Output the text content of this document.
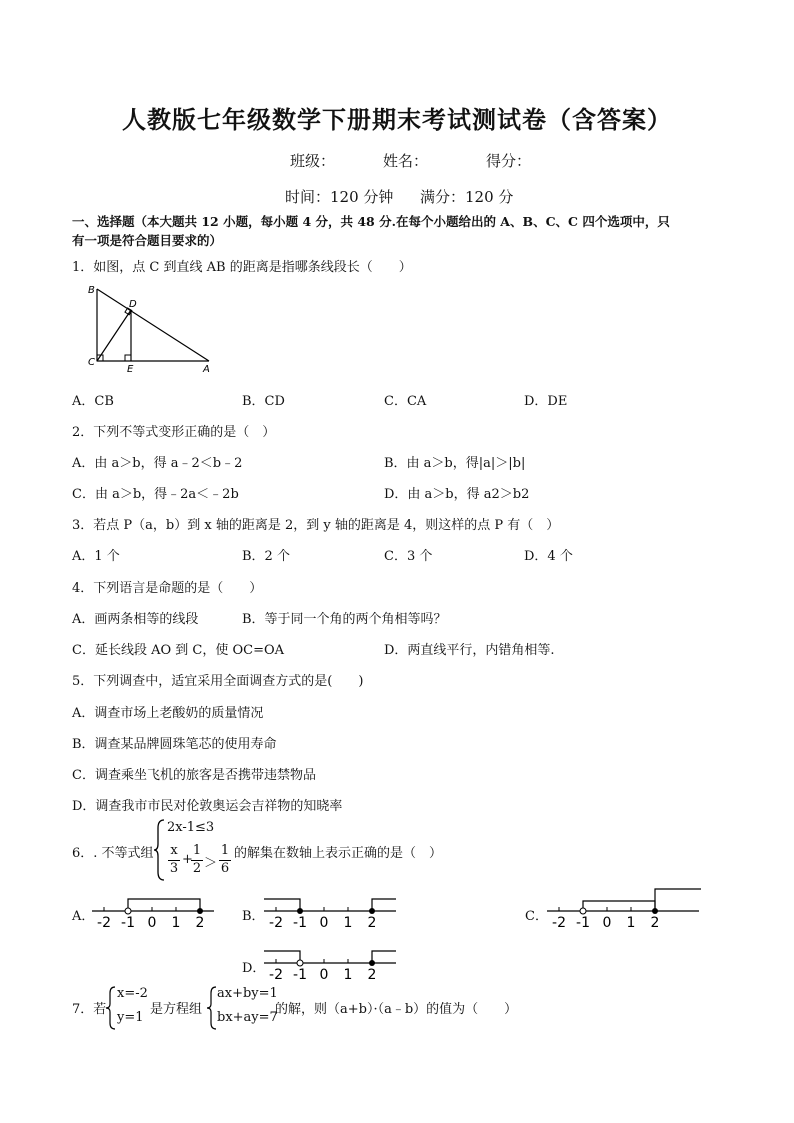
人教版七年级数学下册期末考试测试卷（含答案）
班级：	姓名：	得分：
时间：120 分钟 满分：120 分
一、选择题（本大题共 12 小题，每小题 4 分，共 48 分.在每个小题给出的 A、B、C、C 四个选项中，只
有一项是符合题目要求的）
1．如图，点 C 到直线 AB 的距离是指哪条线段长（　　）
B
D
C
E	A
A．CB	B．CD	C．CA	D．DE
2．下列不等式变形正确的是（　）
A．由 a＞b，得 a﹣2＜b﹣2	B．由 a＞b，得|a|＞|b|
C．由 a＞b，得﹣2a＜﹣2b	D．由 a＞b，得 a2＞b2
3．若点 P（a，b）到 x 轴的距离是 2，到 y 轴的距离是 4，则这样的点 P 有（　）
A．1 个	B．2 个	C．3 个	D．4 个
4．下列语言是命题的是（　　）
A．画两条相等的线段	B．等于同一个角的两个角相等吗？
C．延长线段 AO 到 C，使 OC=OA	D．两直线平行，内错角相等.
5．下列调查中，适宜采用全面调查方式的是(　　)
A．调查市场上老酸奶的质量情况
B．调查某品牌圆珠笔芯的使用寿命
C．调查乘坐飞机的旅客是否携带违禁物品
D．调查我市市民对伦敦奥运会吉祥物的知晓率
6．. 不等式组
2x-1≤3
x
3
+
1
2 ＞
1
6
的解集在数轴上表示正确的是（　）
A．	B．	C．
D．
-2 -1 0 1 2	-2 -1 0 1 2	-2 -1 0 1 2
-2 -1 0 1 2
7．若
x=-2
y=1
是方程组
ax+by=1
bx+ay=7
的解，则（a+b）·（a﹣b）的值为（　　）
